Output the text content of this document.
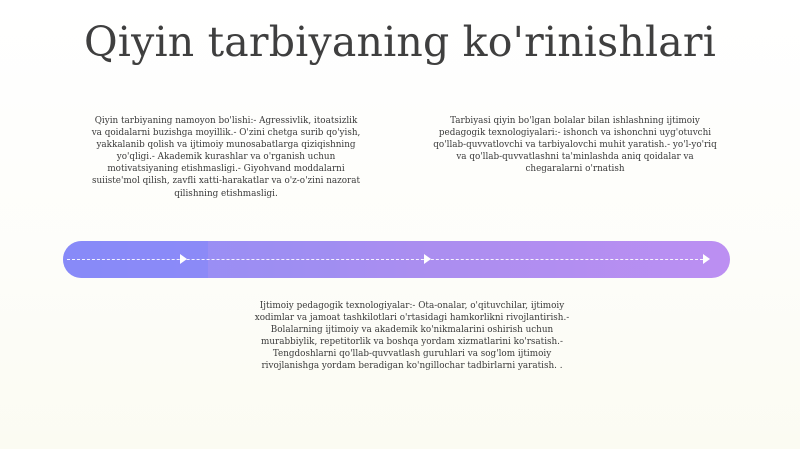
Qiyin tarbiyaning ko'rinishlari
Qiyin tarbiyaning namoyon bo'lishi:- Agressivlik, itoatsizlik
va qoidalarni buzishga moyillik.- O'zini chetga surib qo'yish,
yakkalanib qolish va ijtimoiy munosabatlarga qiziqishning
yo'qligi.- Akademik kurashlar va o'rganish uchun
motivatsiyaning etishmasligi.- Giyohvand moddalarni
suiiste'mol qilish, zavfli xatti-harakatlar va o'z-o'zini nazorat
qilishning etishmasligi.
Tarbiyasi qiyin bo'lgan bolalar bilan ishlashning ijtimoiy
pedagogik texnologiyalari:- ishonch va ishonchni uyg'otuvchi
qo'llab-quvvatlovchi va tarbiyalovchi muhit yaratish.- yo'l-yo'riq
va qo'llab-quvvatlashni ta'minlashda aniq qoidalar va
chegaralarni o'rnatish
Ijtimoiy pedagogik texnologiyalar:- Ota-onalar, o'qituvchilar, ijtimoiy
xodimlar va jamoat tashkilotlari o'rtasidagi hamkorlikni rivojlantirish.-
Bolalarning ijtimoiy va akademik ko'nikmalarini oshirish uchun
murabbiylik, repetitorlik va boshqa yordam xizmatlarini ko'rsatish.-
Tengdoshlarni qo'llab-quvvatlash guruhlari va sog'lom ijtimoiy
rivojlanishga yordam beradigan ko'ngillochar tadbirlarni yaratish. .
